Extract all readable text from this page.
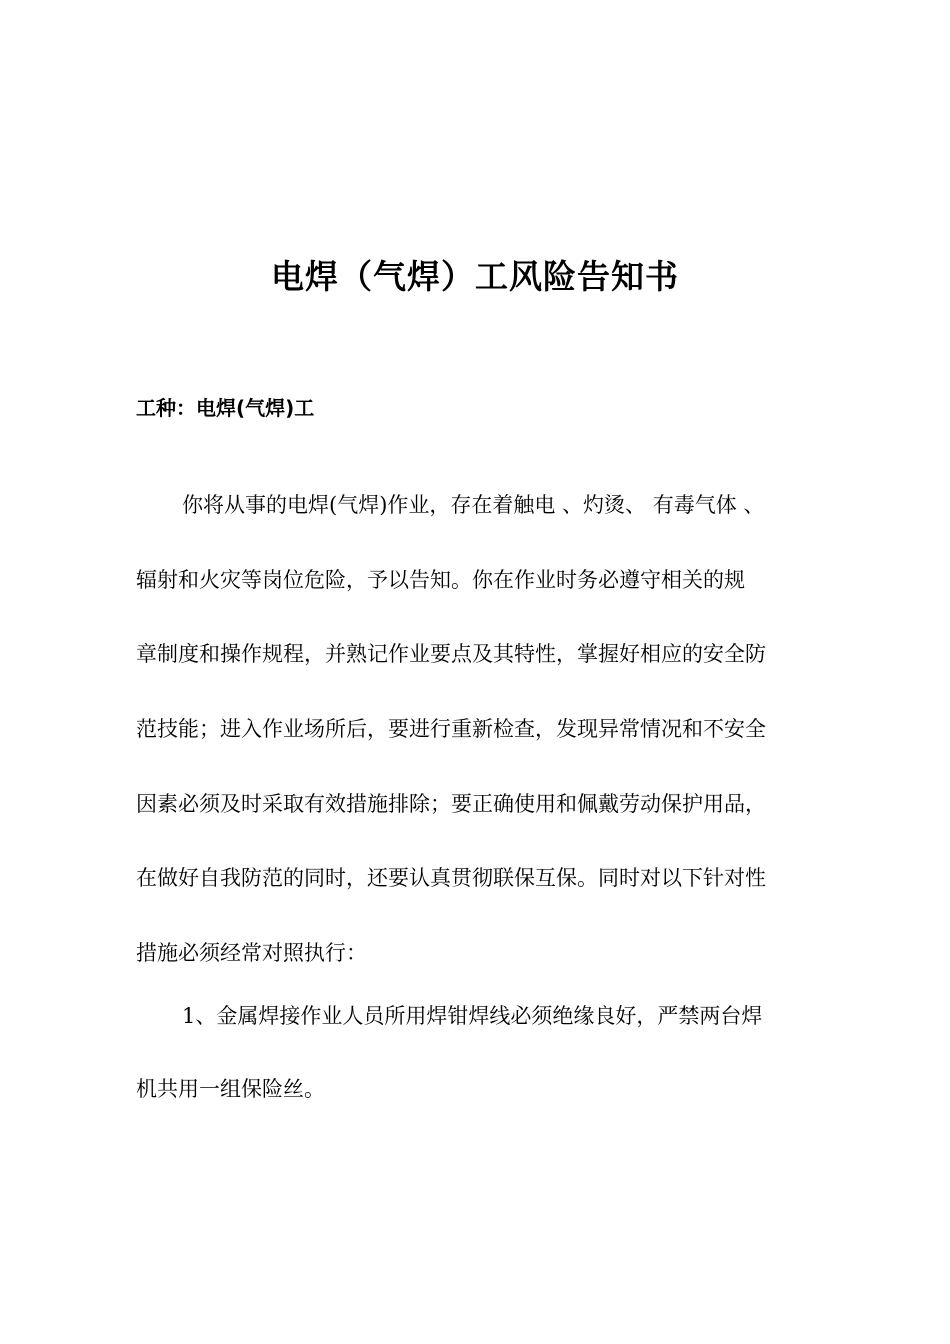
电焊（气焊）工风险告知书

工种：电焊(气焊)工

你将从事的电焊(气焊)作业，存在着触电 、灼烫、 有毒气体 、

辐射和火灾等岗位危险，予以告知。你在作业时务必遵守相关的规

章制度和操作规程，并熟记作业要点及其特性，掌握好相应的安全防

范技能；进入作业场所后，要进行重新检查，发现异常情况和不安全

因素必须及时采取有效措施排除；要正确使用和佩戴劳动保护用品，

在做好自我防范的同时，还要认真贯彻联保互保。同时对以下针对性

措施必须经常对照执行：

1、金属焊接作业人员所用焊钳焊线必须绝缘良好，严禁两台焊

机共用一组保险丝。
